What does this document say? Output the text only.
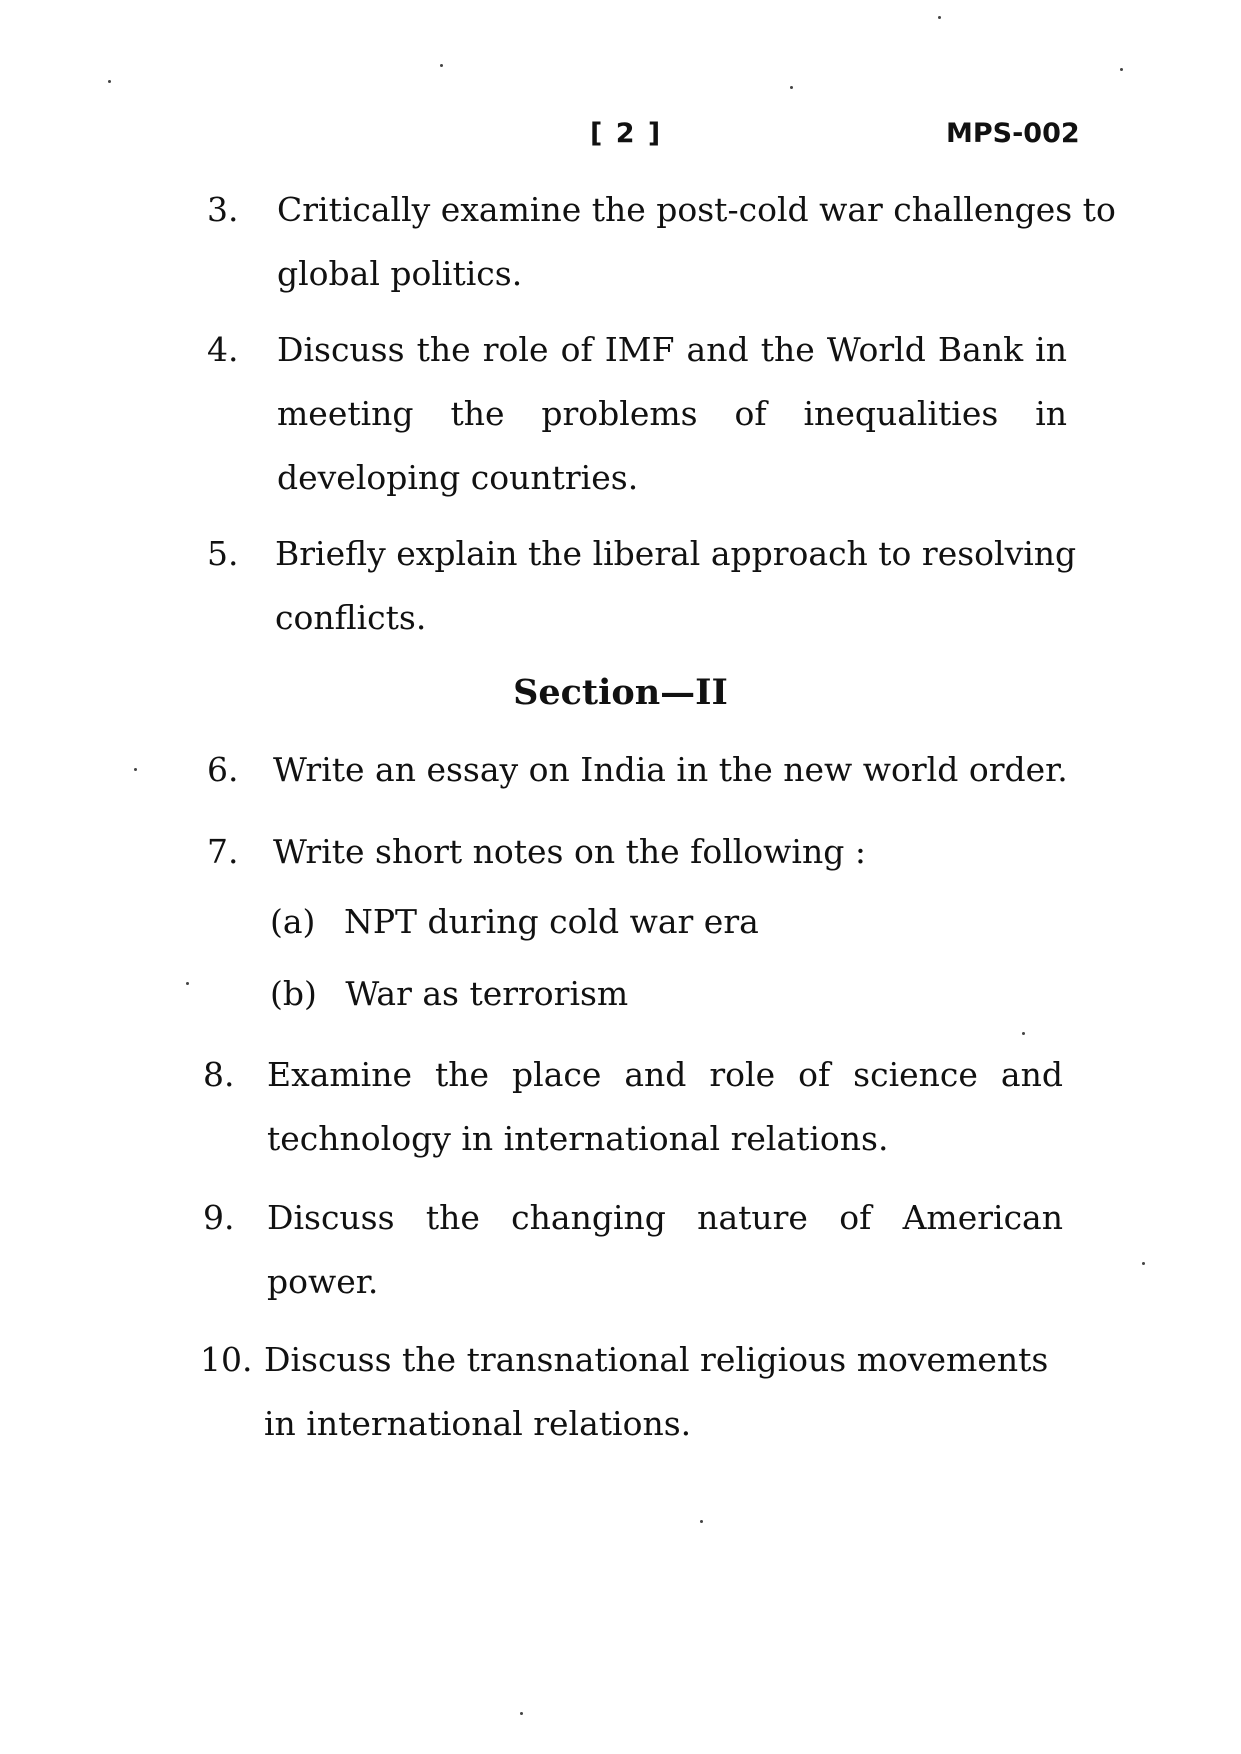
[ 2 ]	MPS-002
3. Critically examine the post-cold war challenges to
global politics.
4. Discuss the role of IMF and the World Bank in
meeting the problems of inequalities in
developing countries.
5. Briefly explain the liberal approach to resolving
conflicts.
Section—II
6. Write an essay on India in the new world order.
7. Write short notes on the following :
(a) NPT during cold war era
(b) War as terrorism
8. Examine the place and role of science and
technology in international relations.
9. Discuss the changing nature of American
power.
10. Discuss the transnational religious movements
in international relations.
